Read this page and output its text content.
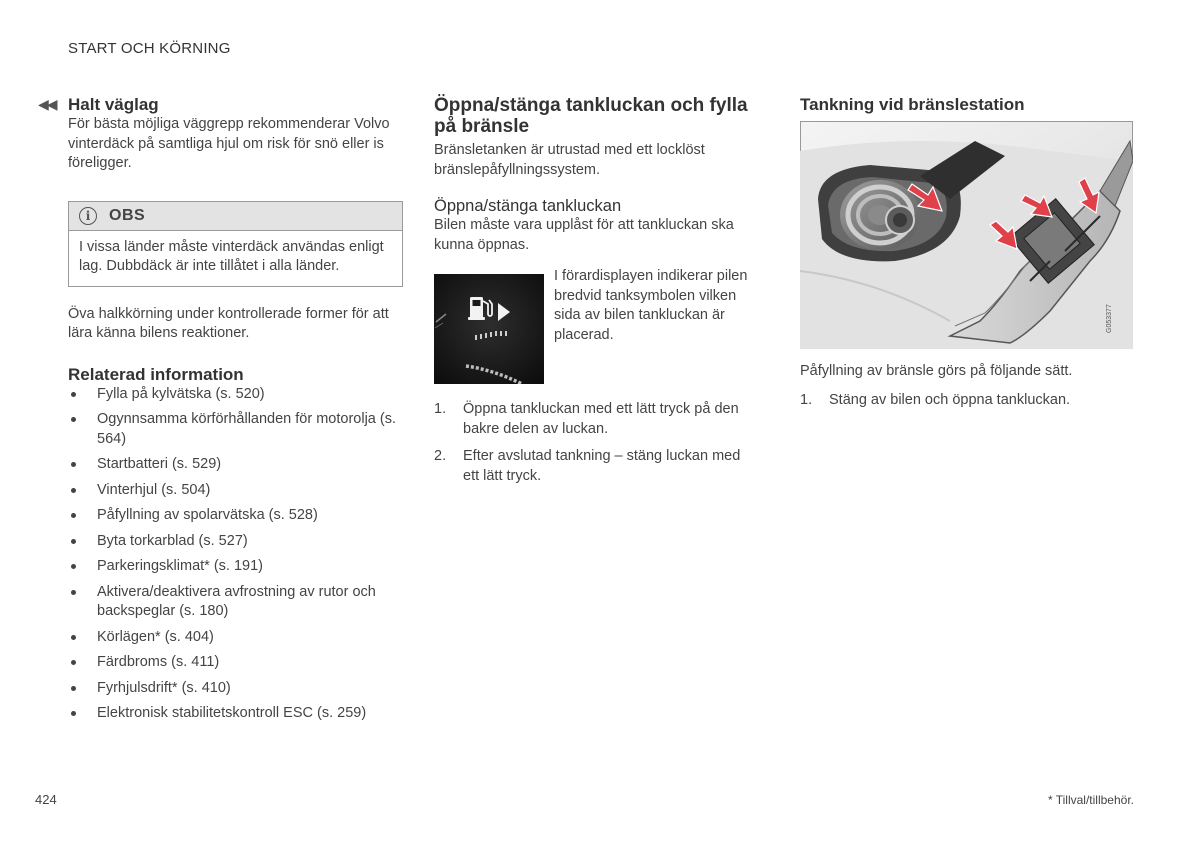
START OCH KÖRNING
◀◀ Halt väglag

För bästa möjliga väggrepp rekommenderar Volvo vinterdäck på samtliga hjul om risk för snö eller is föreligger.

i	OBS
I vissa länder måste vinterdäck användas enligt lag. Dubbdäck är inte tillåtet i alla länder.

Öva halkkörning under kontrollerade former för att lära känna bilens reaktioner.

Relaterad information
Fylla på kylvätska (s. 520)
Ogynnsamma körförhållanden för motorolja (s. 564)
Startbatteri (s. 529)
Vinterhjul (s. 504)
Påfyllning av spolarvätska (s. 528)
Byta torkarblad (s. 527)
Parkeringsklimat* (s. 191)
Aktivera/deaktivera avfrostning av rutor och backspeglar (s. 180)
Körlägen* (s. 404)
Färdbroms (s. 411)
Fyrhjulsdrift* (s. 410)
Elektronisk stabilitetskontroll ESC (s. 259)
Öppna/stänga tankluckan och fylla på bränsle

Bränsletanken är utrustad med ett locklöst bränslepåfyllningssystem.

Öppna/stänga tankluckan

Bilen måste vara upplåst för att tankluckan ska kunna öppnas.

I förardisplayen indikerar pilen bredvid tanksymbolen vilken sida av bilen tankluckan är placerad.

1. Öppna tankluckan med ett lätt tryck på den bakre delen av luckan.
2. Efter avslutad tankning – stäng luckan med ett lätt tryck.
Tankning vid bränslestation
G053377

Påfyllning av bränsle görs på följande sätt.

1. Stäng av bilen och öppna tankluckan.
424	* Tillval/tillbehör.
